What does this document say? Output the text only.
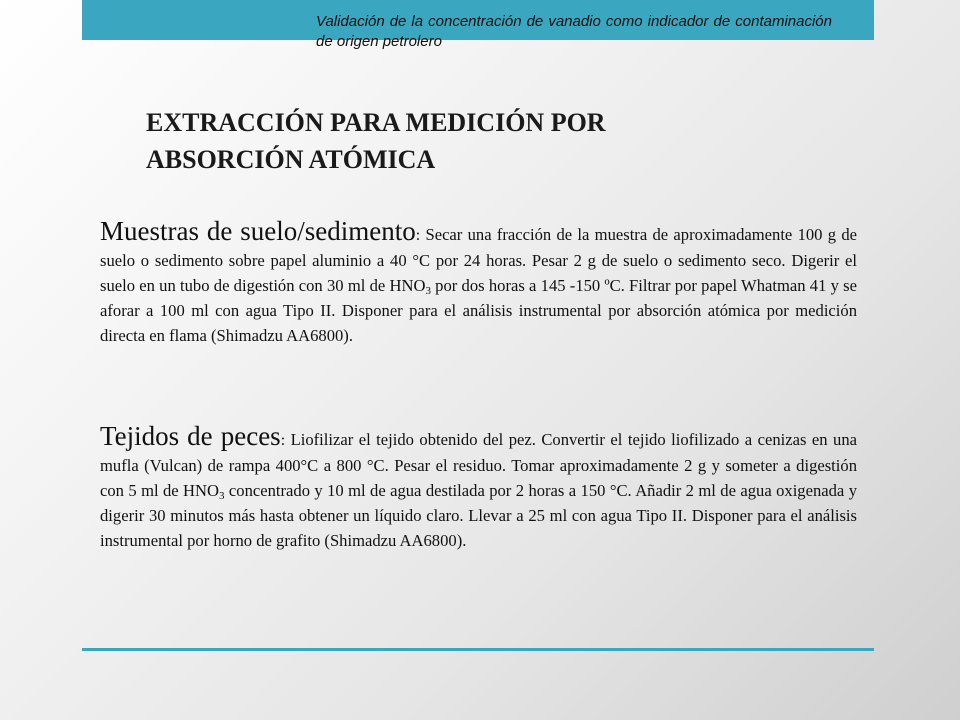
Validación de la concentración de vanadio como indicador de contaminación de origen petrolero
EXTRACCIÓN PARA MEDICIÓN POR
ABSORCIÓN ATÓMICA
Muestras de suelo/sedimento: Secar una fracción de la muestra de aproximadamente 100 g de suelo o sedimento sobre papel aluminio a 40 °C por 24 horas. Pesar 2 g de suelo o sedimento seco. Digerir el suelo en un tubo de digestión con 30 ml de $HNO_3$ por dos horas a 145 -150 ºC. Filtrar por papel Whatman 41 y se aforar a 100 ml con agua Tipo II. Disponer para el análisis instrumental por absorción atómica por medición directa en flama (Shimadzu AA6800).
Tejidos de peces: Liofilizar el tejido obtenido del pez. Convertir el tejido liofilizado a cenizas en una mufla (Vulcan) de rampa 400°C a 800 °C. Pesar el residuo. Tomar aproximadamente 2 g y someter a digestión con 5 ml de $HNO_3$ concentrado y 10 ml de agua destilada por 2 horas a 150 °C. Añadir 2 ml de agua oxigenada y digerir 30 minutos más hasta obtener un líquido claro. Llevar a 25 ml con agua Tipo II. Disponer para el análisis instrumental por horno de grafito (Shimadzu AA6800).
